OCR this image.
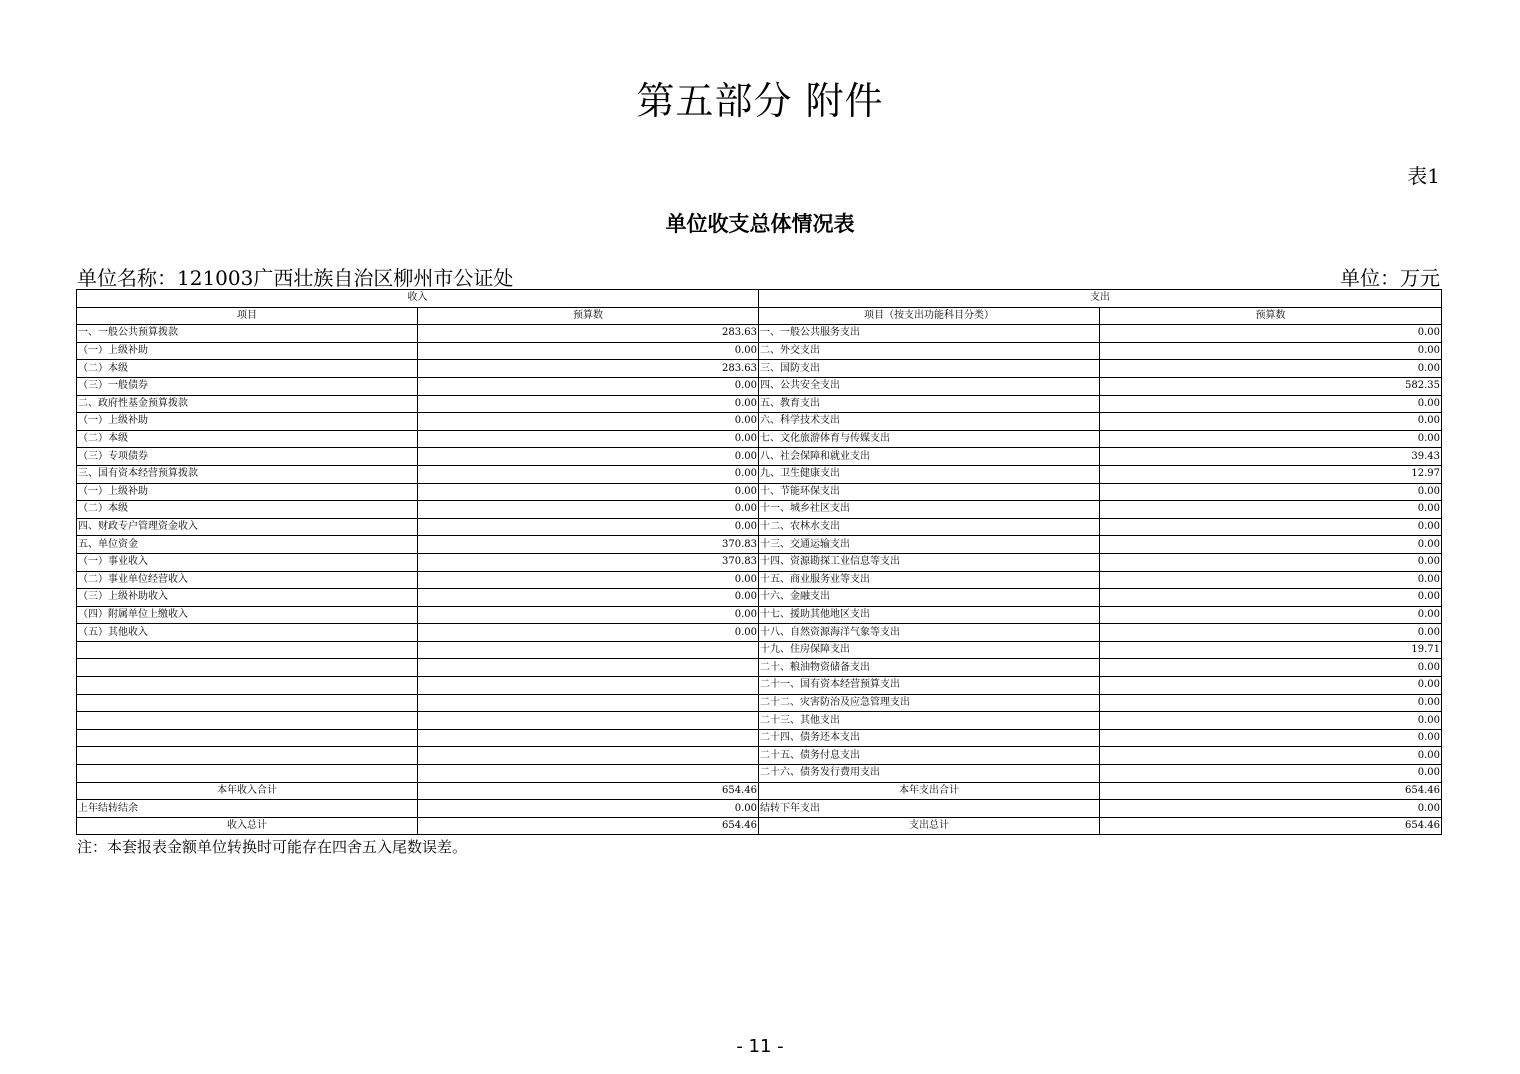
第五部分 附件
表1
单位收支总体情况表
单位名称：121003广西壮族自治区柳州市公证处	单位：万元
收入		支出	
项目	预算数	项目（按支出功能科目分类）	预算数
一、一般公共预算拨款	283.63	一、一般公共服务支出	0.00
（一）上级补助	0.00	二、外交支出	0.00
（二）本级	283.63	三、国防支出	0.00
（三）一般债券	0.00	四、公共安全支出	582.35
二、政府性基金预算拨款	0.00	五、教育支出	0.00
（一）上级补助	0.00	六、科学技术支出	0.00
（二）本级	0.00	七、文化旅游体育与传媒支出	0.00
（三）专项债券	0.00	八、社会保障和就业支出	39.43
三、国有资本经营预算拨款	0.00	九、卫生健康支出	12.97
（一）上级补助	0.00	十、节能环保支出	0.00
（二）本级	0.00	十一、城乡社区支出	0.00
四、财政专户管理资金收入	0.00	十二、农林水支出	0.00
五、单位资金	370.83	十三、交通运输支出	0.00
（一）事业收入	370.83	十四、资源勘探工业信息等支出	0.00
（二）事业单位经营收入	0.00	十五、商业服务业等支出	0.00
（三）上级补助收入	0.00	十六、金融支出	0.00
（四）附属单位上缴收入	0.00	十七、援助其他地区支出	0.00
（五）其他收入	0.00	十八、自然资源海洋气象等支出	0.00
		十九、住房保障支出	19.71
		二十、粮油物资储备支出	0.00
		二十一、国有资本经营预算支出	0.00
		二十二、灾害防治及应急管理支出	0.00
		二十三、其他支出	0.00
		二十四、债务还本支出	0.00
		二十五、债务付息支出	0.00
		二十六、债务发行费用支出	0.00
本年收入合计	654.46	本年支出合计	654.46
上年结转结余	0.00	结转下年支出	0.00
收入总计	654.46	支出总计	654.46
注：本套报表金额单位转换时可能存在四舍五入尾数误差。
- 11 -
